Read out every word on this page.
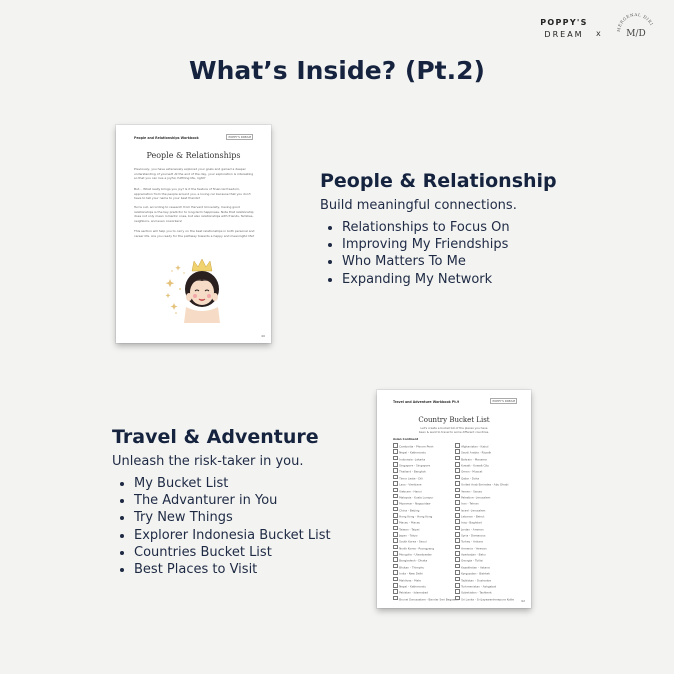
POPPY'S
DREAM	x	MERGENAL DIRI
M/D
What’s Inside? (Pt.2)
People and Relationships Workbook	POPPY'S DREAM
People & Relationships
Previously, you have extensively explored your goals and gained a deeper understanding of yourself. At the end of the day, your exploration is interesting so that you can live a joyful, fulfilling life, right?
But… What really brings you joy? Is it the feature of financial freedom, appreciation from the people around you, a loving car because that you don't have to tell your name to your best friends?
Turns out, according to research from Harvard University, having good relationships is the key predictor to long-term happiness. Note that relationship does not only mean romantic ones, but also relationships with friends, families, neighbors, and even coworkers!
This section will help you to carry on the best relationships in both personal and career life. Are you ready for the pathway towards a happy and meaningful life?
40
People & Relationship
Build meaningful connections.
• Relationships to Focus On
• Improving My Friendships
• Who Matters To Me
• Expanding My Network
Travel & Adventure
Unleash the risk-taker in you.
• My Bucket List
• The Advanturer in You
• Try New Things
• Explorer Indonesia Bucket List
• Countries Bucket List
• Best Places to Visit
Travel and Adventure Workbook Pt.9	POPPY'S DREAM
Country Bucket List
Let's create a bucket list of the places you have been & want to travel to some different countries.
Asian Continent
Cambodia - Phnom Penh
Nepal - Kathmandu
Indonesia - Jakarta
Singapore - Singapore
Thailand - Bangkok
Timor Leste - Dili
Laos - Vientiane
Vietnam - Hanoi
Malaysia - Kuala Lumpur
Myanmar - Naypyidaw
China - Beijing
Hong Kong - Hong Kong
Macau - Macau
Taiwan - Taipei
Japan - Tokyo
South Korea - Seoul
North Korea - Pyongyang
Mongolia - Ulaanbaatar
Bangladesh - Dhaka
Bhutan - Thimphu
India - New Delhi
Maldives - Male
Nepal - Kathmandu
Pakistan - Islamabad
Brunei Darussalam - Bandar Seri Begawan
Afghanistan - Kabul
Saudi Arabia - Riyadh
Bahrain - Manama
Kuwait - Kuwait City
Oman - Muscat
Qatar - Doha
United Arab Emirates - Abu Dhabi
Yemen - Sanaa
Palestine - Jerusalem
Iran - Tehran
Israel - Jerusalem
Lebanon - Beirut
Iraq - Baghdad
Jordan - Amman
Syria - Damascus
Turkey - Ankara
Armenia - Yerevan
Azerbaijan - Baku
Georgia - Tbilisi
Kazakhstan - Astana
Kyrgyzstan - Bishkek
Tajikistan - Dushanbe
Turkmenistan - Ashgabat
Uzbekistan - Tashkent
Sri Lanka - Sri Jayawardenepura Kotte 92
